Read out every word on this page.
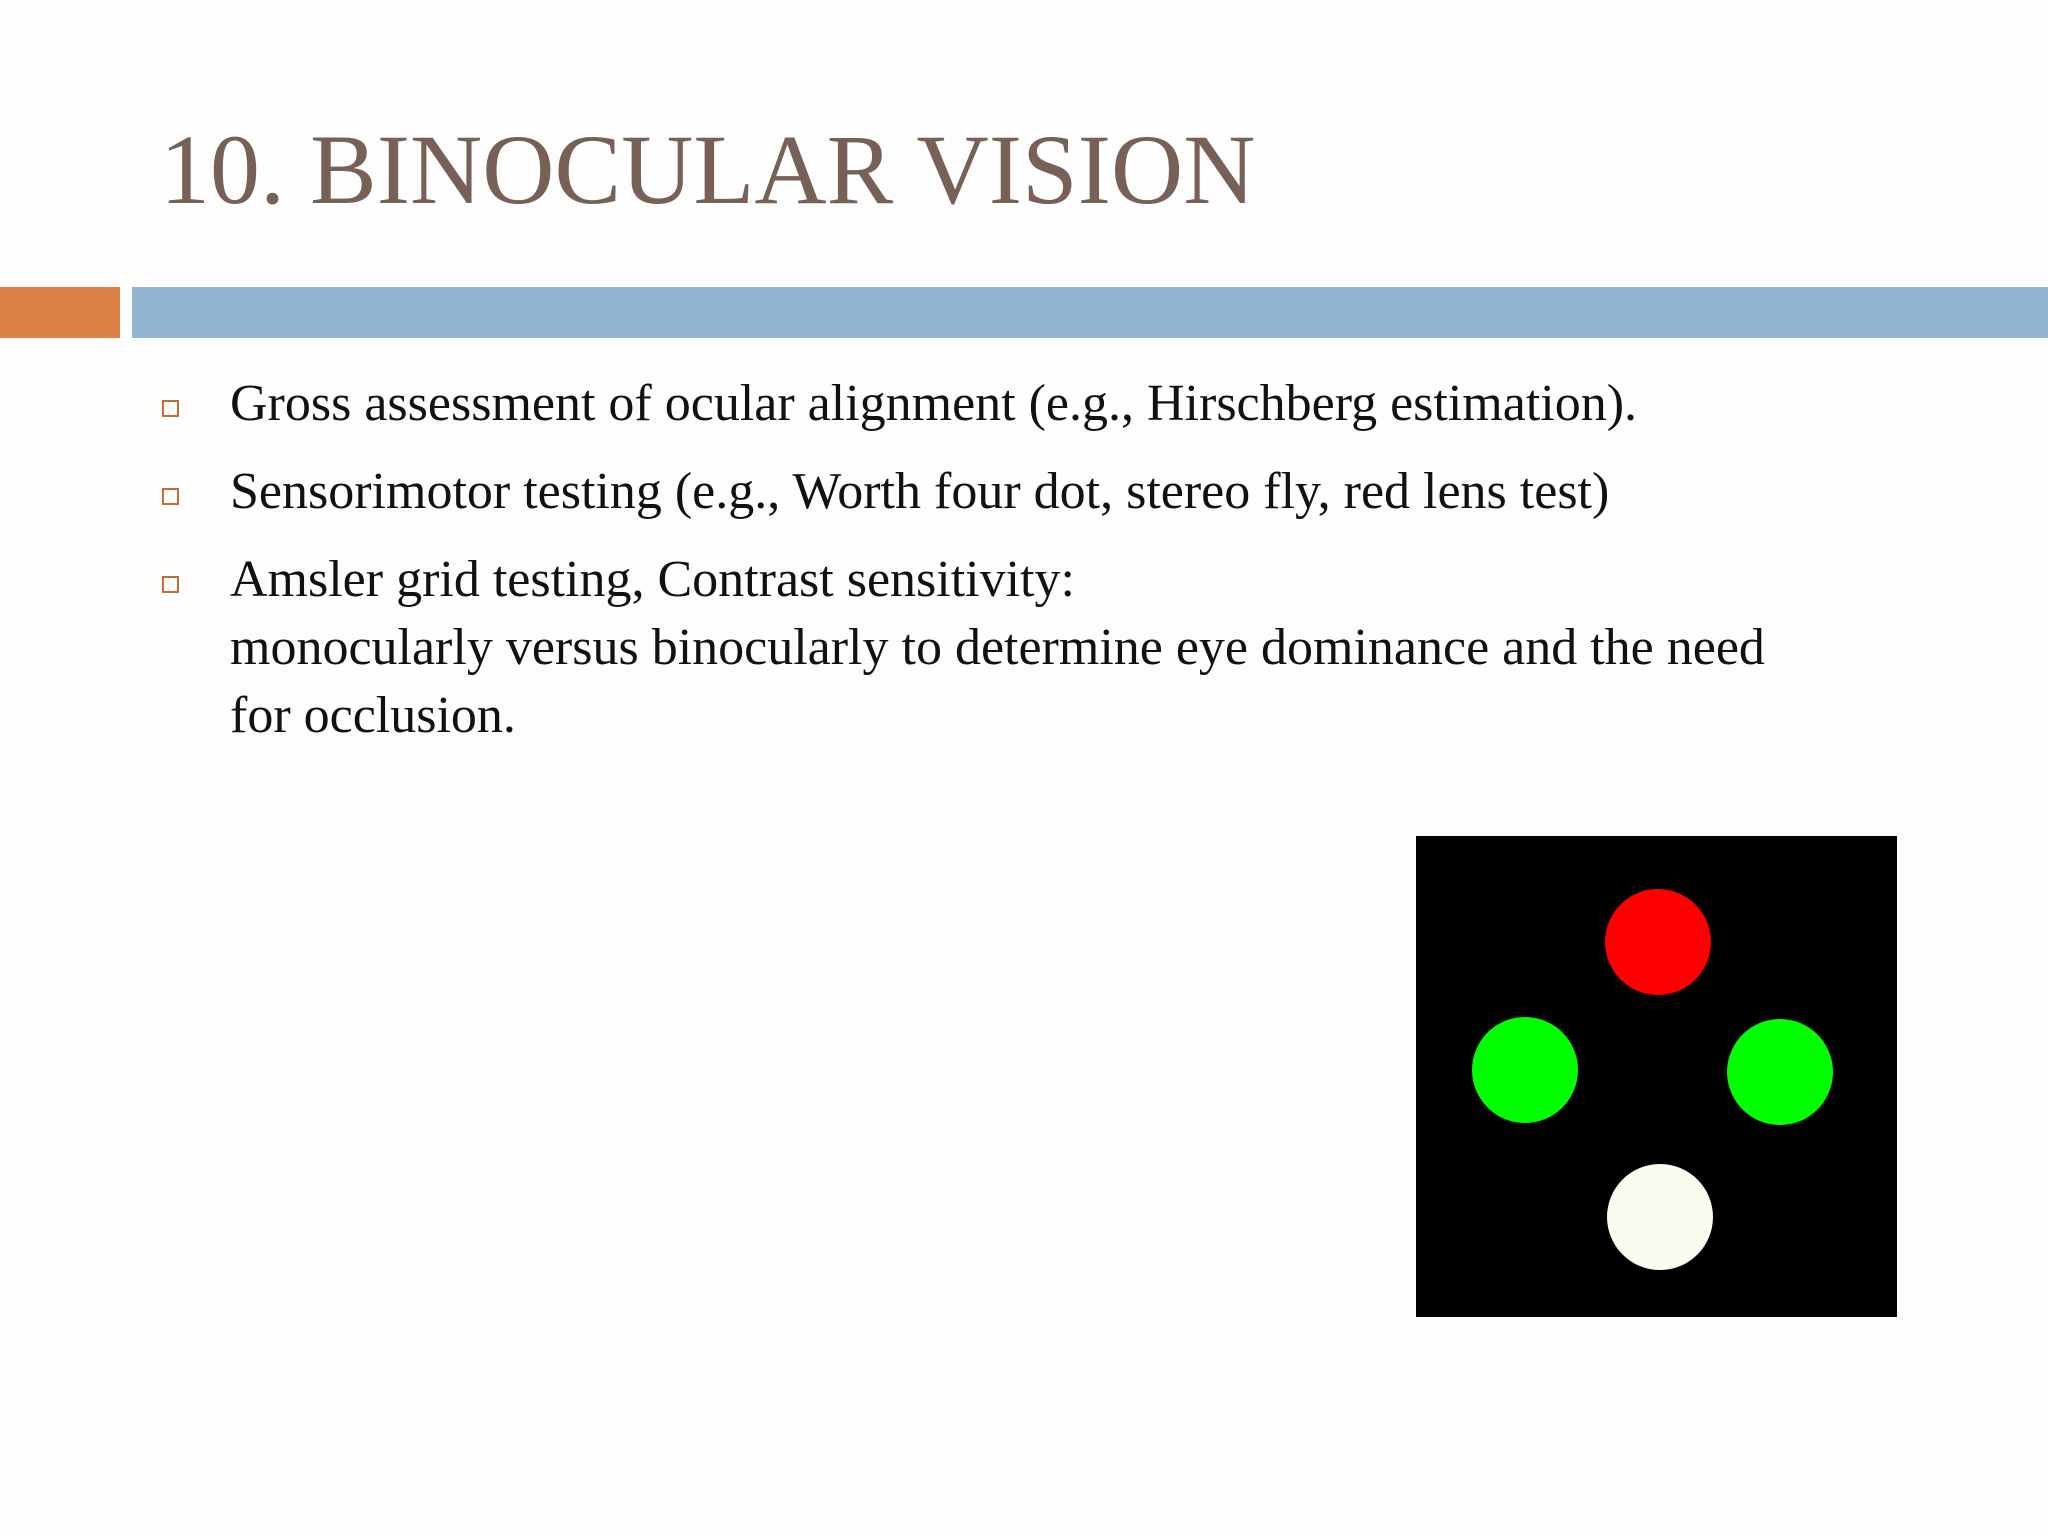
10. BINOCULAR VISION
Gross assessment of ocular alignment (e.g., Hirschberg estimation).
Sensorimotor testing (e.g., Worth four dot, stereo fly, red lens test)
Amsler grid testing, Contrast sensitivity:
monocularly versus binocularly to determine eye dominance and the need
for occlusion.
